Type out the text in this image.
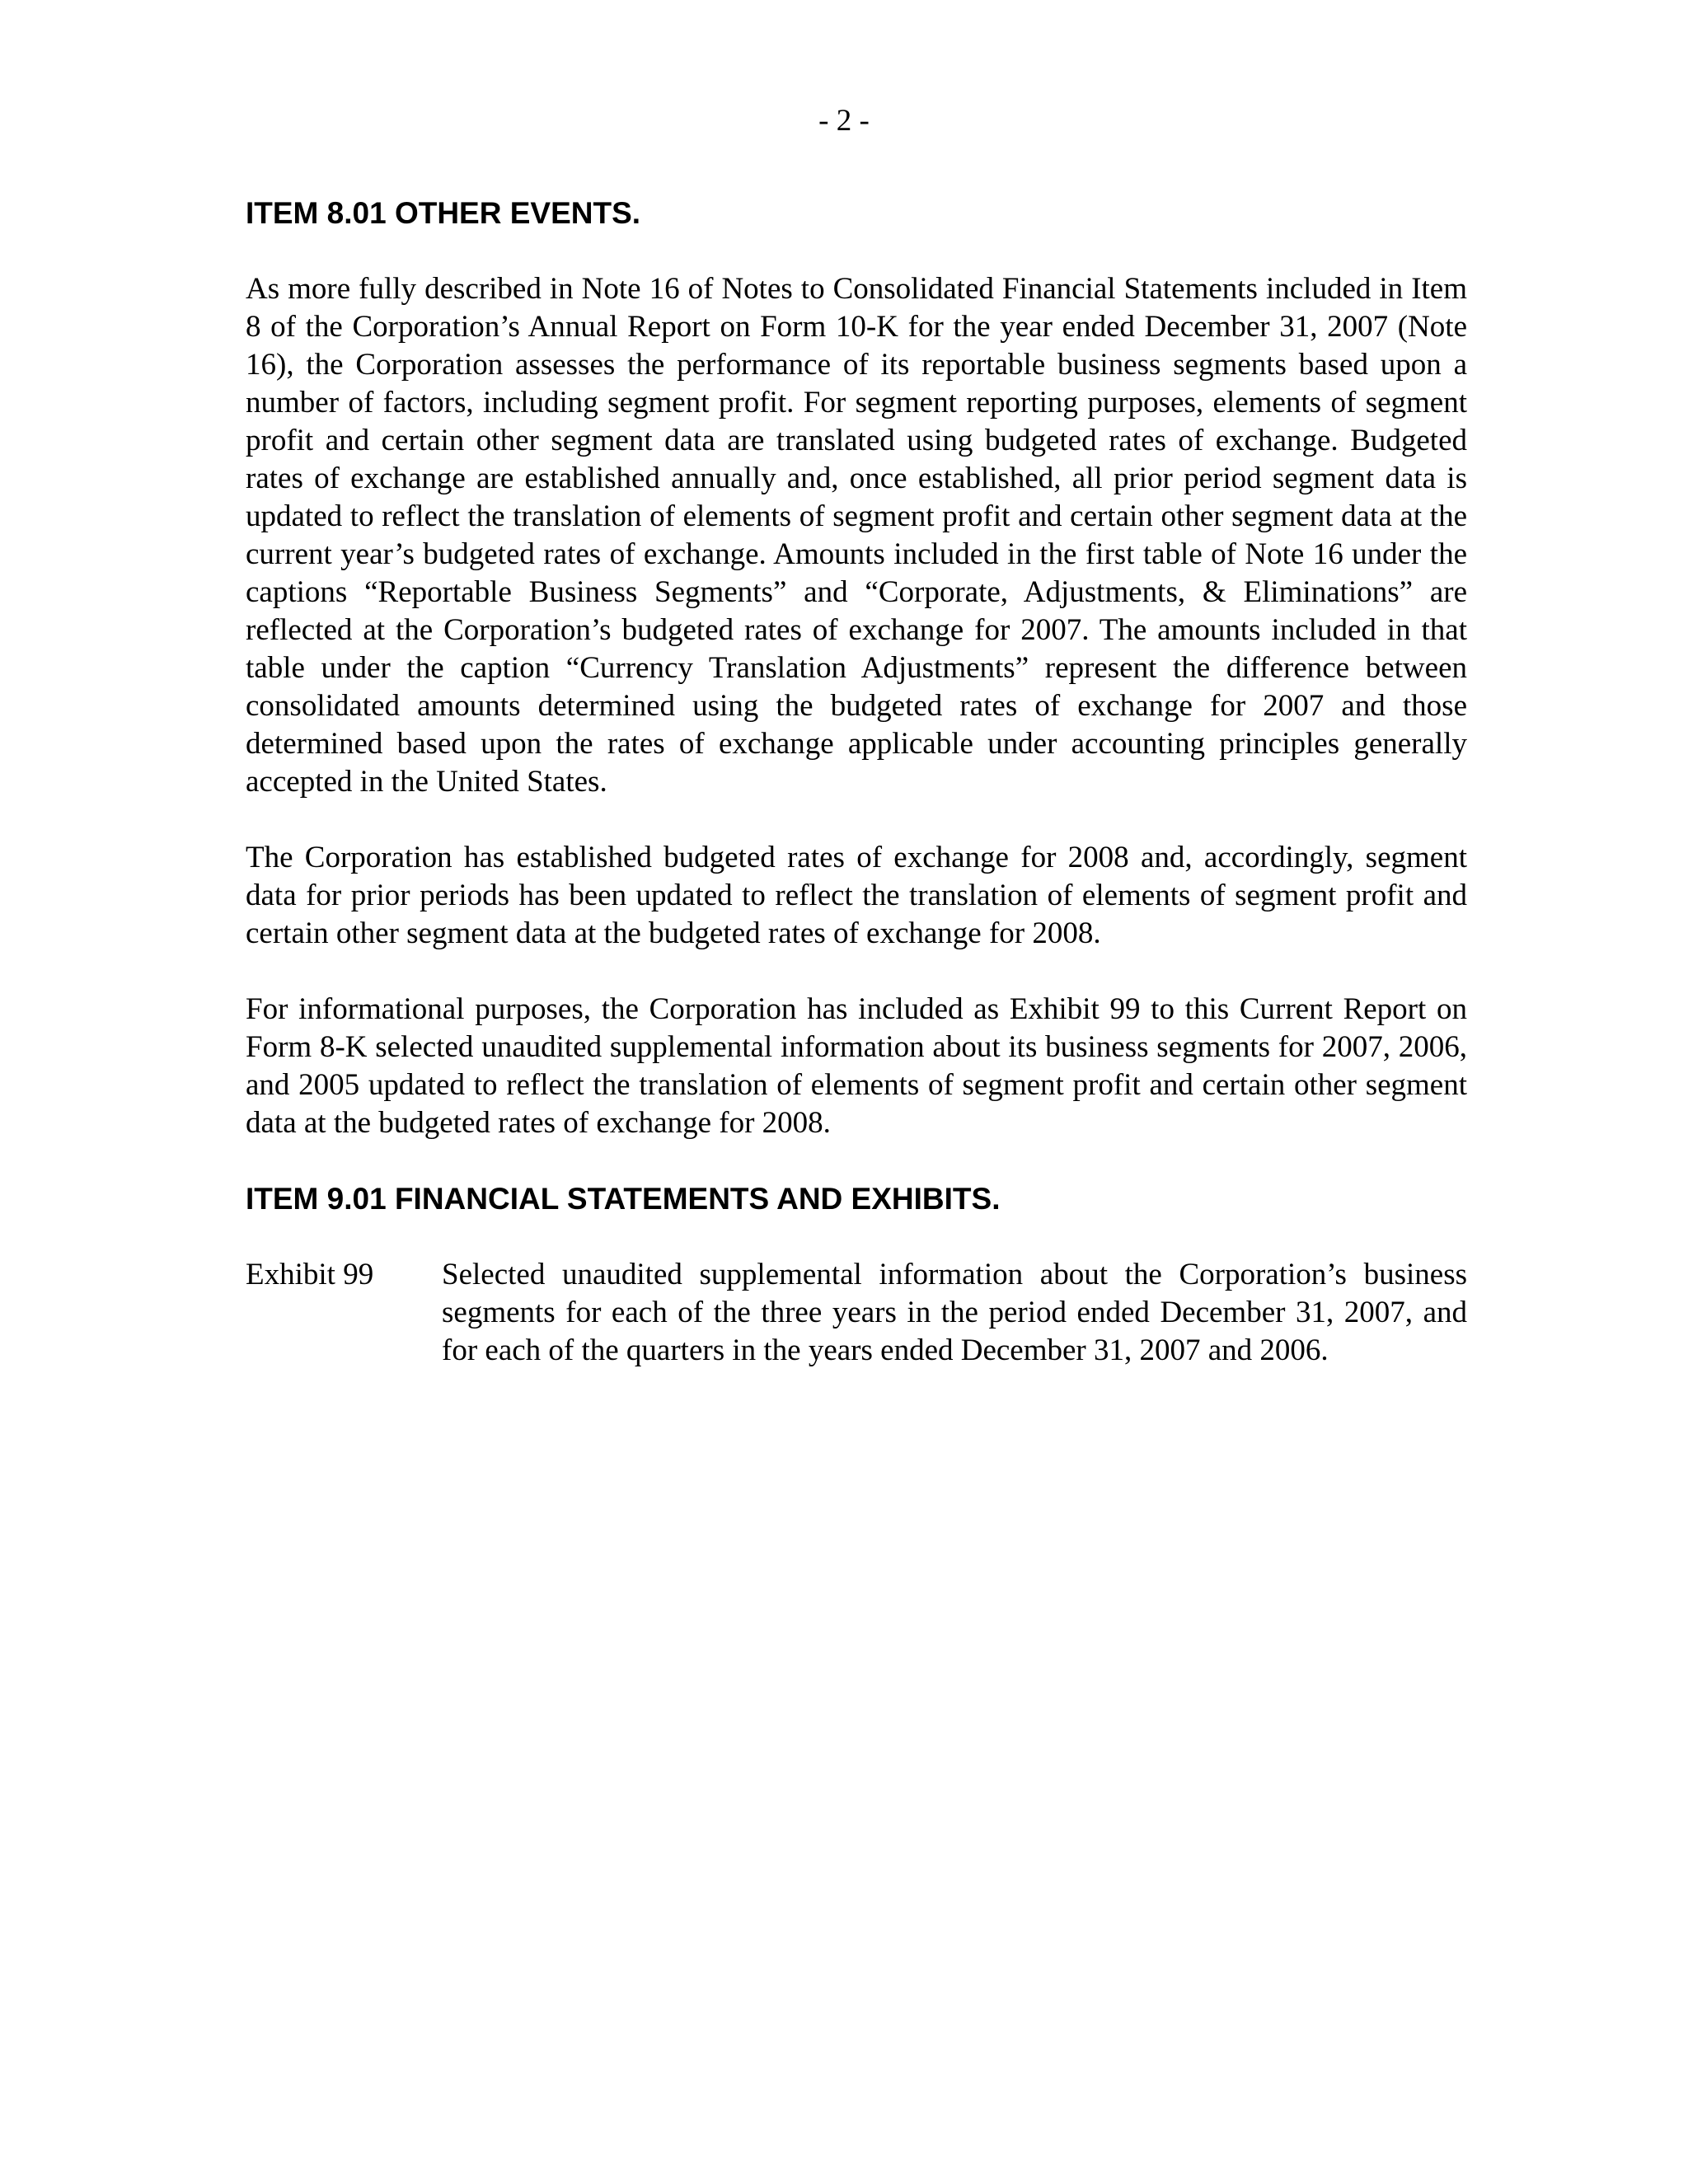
- 2 -
ITEM 8.01 OTHER EVENTS.

As more fully described in Note 16 of Notes to Consolidated Financial Statements included in Item 8 of the Corporation’s Annual Report on Form 10-K for the year ended December 31, 2007 (Note 16), the Corporation assesses the performance of its reportable business segments based upon a number of factors, including segment profit. For segment reporting purposes, elements of segment profit and certain other segment data are translated using budgeted rates of exchange. Budgeted rates of exchange are established annually and, once established, all prior period segment data is updated to reflect the translation of elements of segment profit and certain other segment data at the current year’s budgeted rates of exchange. Amounts included in the first table of Note 16 under the captions “Reportable Business Segments” and “Corporate, Adjustments, & Eliminations” are reflected at the Corporation’s budgeted rates of exchange for 2007. The amounts included in that table under the caption “Currency Translation Adjustments” represent the difference between consolidated amounts determined using the budgeted rates of exchange for 2007 and those determined based upon the rates of exchange applicable under accounting principles generally accepted in the United States.

The Corporation has established budgeted rates of exchange for 2008 and, accordingly, segment data for prior periods has been updated to reflect the translation of elements of segment profit and certain other segment data at the budgeted rates of exchange for 2008.

For informational purposes, the Corporation has included as Exhibit 99 to this Current Report on Form 8-K selected unaudited supplemental information about its business segments for 2007, 2006, and 2005 updated to reflect the translation of elements of segment profit and certain other segment data at the budgeted rates of exchange for 2008.

ITEM 9.01 FINANCIAL STATEMENTS AND EXHIBITS.
Exhibit 99	Selected unaudited supplemental information about the Corporation’s business segments for each of the three years in the period ended December 31, 2007, and for each of the quarters in the years ended December 31, 2007 and 2006.
